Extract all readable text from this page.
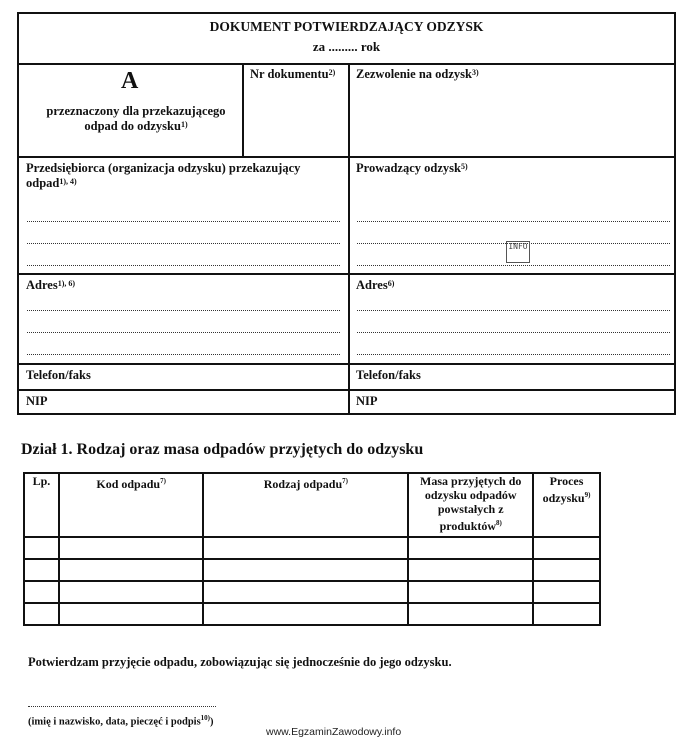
DOKUMENT POTWIERDZAJĄCY ODZYSK
za ......... rok
A
przeznaczony dla przekazującego
odpad do odzysku$^{1)}$
Nr dokumentu$^{2)}$ Zezwolenie na odzysk$^{3)}$
Przedsiębiorca (organizacja odzysku) przekazujący
odpad$^{1), 4)}$
Prowadzący odzysk$^{5)}$
INFO
Adres$^{1), 6)}$	Adres$^{6)}$
Telefon/faks	Telefon/faks
NIP	NIP
Dział 1. Rodzaj oraz masa odpadów przyjętych do odzysku
Lp.	Kod odpadu$^{7)}$	Rodzaj odpadu$^{7)}$	Masa przyjętych do odzysku odpadów powstałych z produktów$^{8)}$	Proces odzysku$^{9)}$

Potwierdzam przyjęcie odpadu, zobowiązując się jednocześnie do jego odzysku.
(imię i nazwisko, data, pieczęć i podpis$^{10)}$)
www.EgzaminZawodowy.info
